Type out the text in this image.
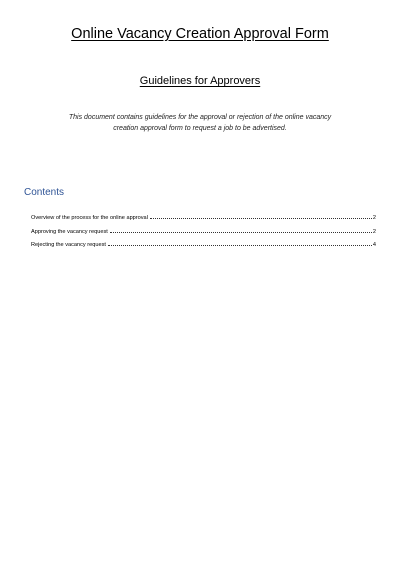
Online Vacancy Creation Approval Form
Guidelines for Approvers
This document contains guidelines for the approval or rejection of the online vacancy
creation approval form to request a job to be advertised.
Contents
Overview of the process for the online approval	2
Approving the vacancy request	2
Rejecting the vacancy request	4
